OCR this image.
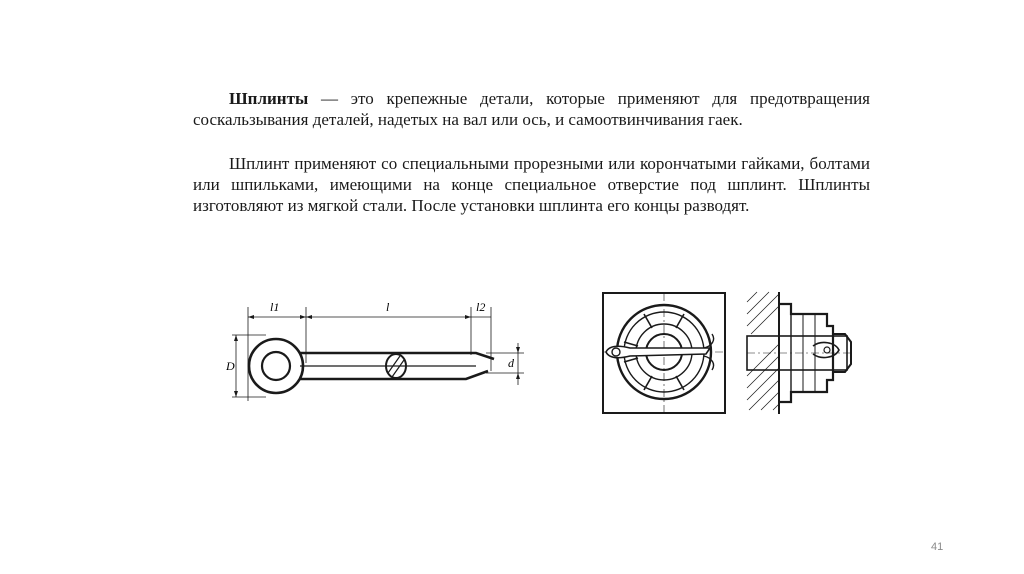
Шплинты — это крепежные детали, которые применяют для предотвращения соскальзывания деталей, надетых на вал или ось, и самоотвинчивания гаек.
Шплинт применяют со специальными прорезными или корончатыми гайками, болтами или шпильками, имеющими на конце специальное отверстие под шплинт. Шплинты изготовляют из мягкой стали. После установки шплинта его концы разводят.
l1	l	l2
D	d
41
